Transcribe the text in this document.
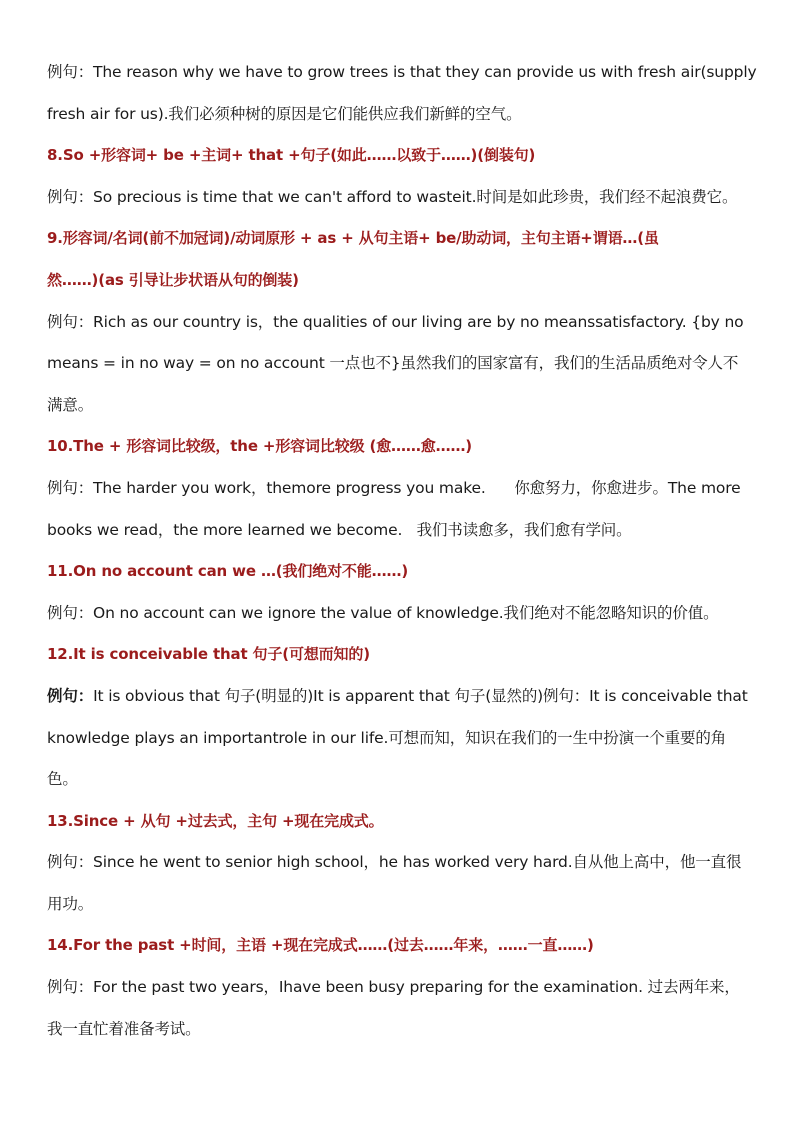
例句：The reason why we have to grow trees is that they can provide us with fresh air(supply
fresh air for us).我们必须种树的原因是它们能供应我们新鲜的空气。
8.So +形容词+ be +主词+ that +句子(如此……以致于……)(倒装句)
例句：So precious is time that we can't afford to wasteit.时间是如此珍贵，我们经不起浪费它。
9.形容词/名词(前不加冠词)/动词原形 + as + 从句主语+ be/助动词，主句主语+谓语…(虽
然……)(as 引导让步状语从句的倒装)
例句：Rich as our country is，the qualities of our living are by no meanssatisfactory. {by no
means = in no way = on no account 一点也不}虽然我们的国家富有，我们的生活品质绝对令人不
满意。
10.The + 形容词比较级，the +形容词比较级 (愈……愈……)
例句：The harder you work，themore progress you make.      你愈努力，你愈进步。The more
books we read，the more learned we become.   我们书读愈多，我们愈有学问。
11.On no account can we …(我们绝对不能……)
例句：On no account can we ignore the value of knowledge.我们绝对不能忽略知识的价值。
12.It is conceivable that 句子(可想而知的)
例句：It is obvious that 句子(明显的)It is apparent that 句子(显然的)例句：It is conceivable that
knowledge plays an importantrole in our life.可想而知，知识在我们的一生中扮演一个重要的角
色。
13.Since + 从句 +过去式，主句 +现在完成式。
例句：Since he went to senior high school，he has worked very hard.自从他上高中，他一直很
用功。
14.For the past +时间，主语 +现在完成式……(过去……年来，……一直……)
例句：For the past two years，Ihave been busy preparing for the examination. 过去两年来，
我一直忙着准备考试。
